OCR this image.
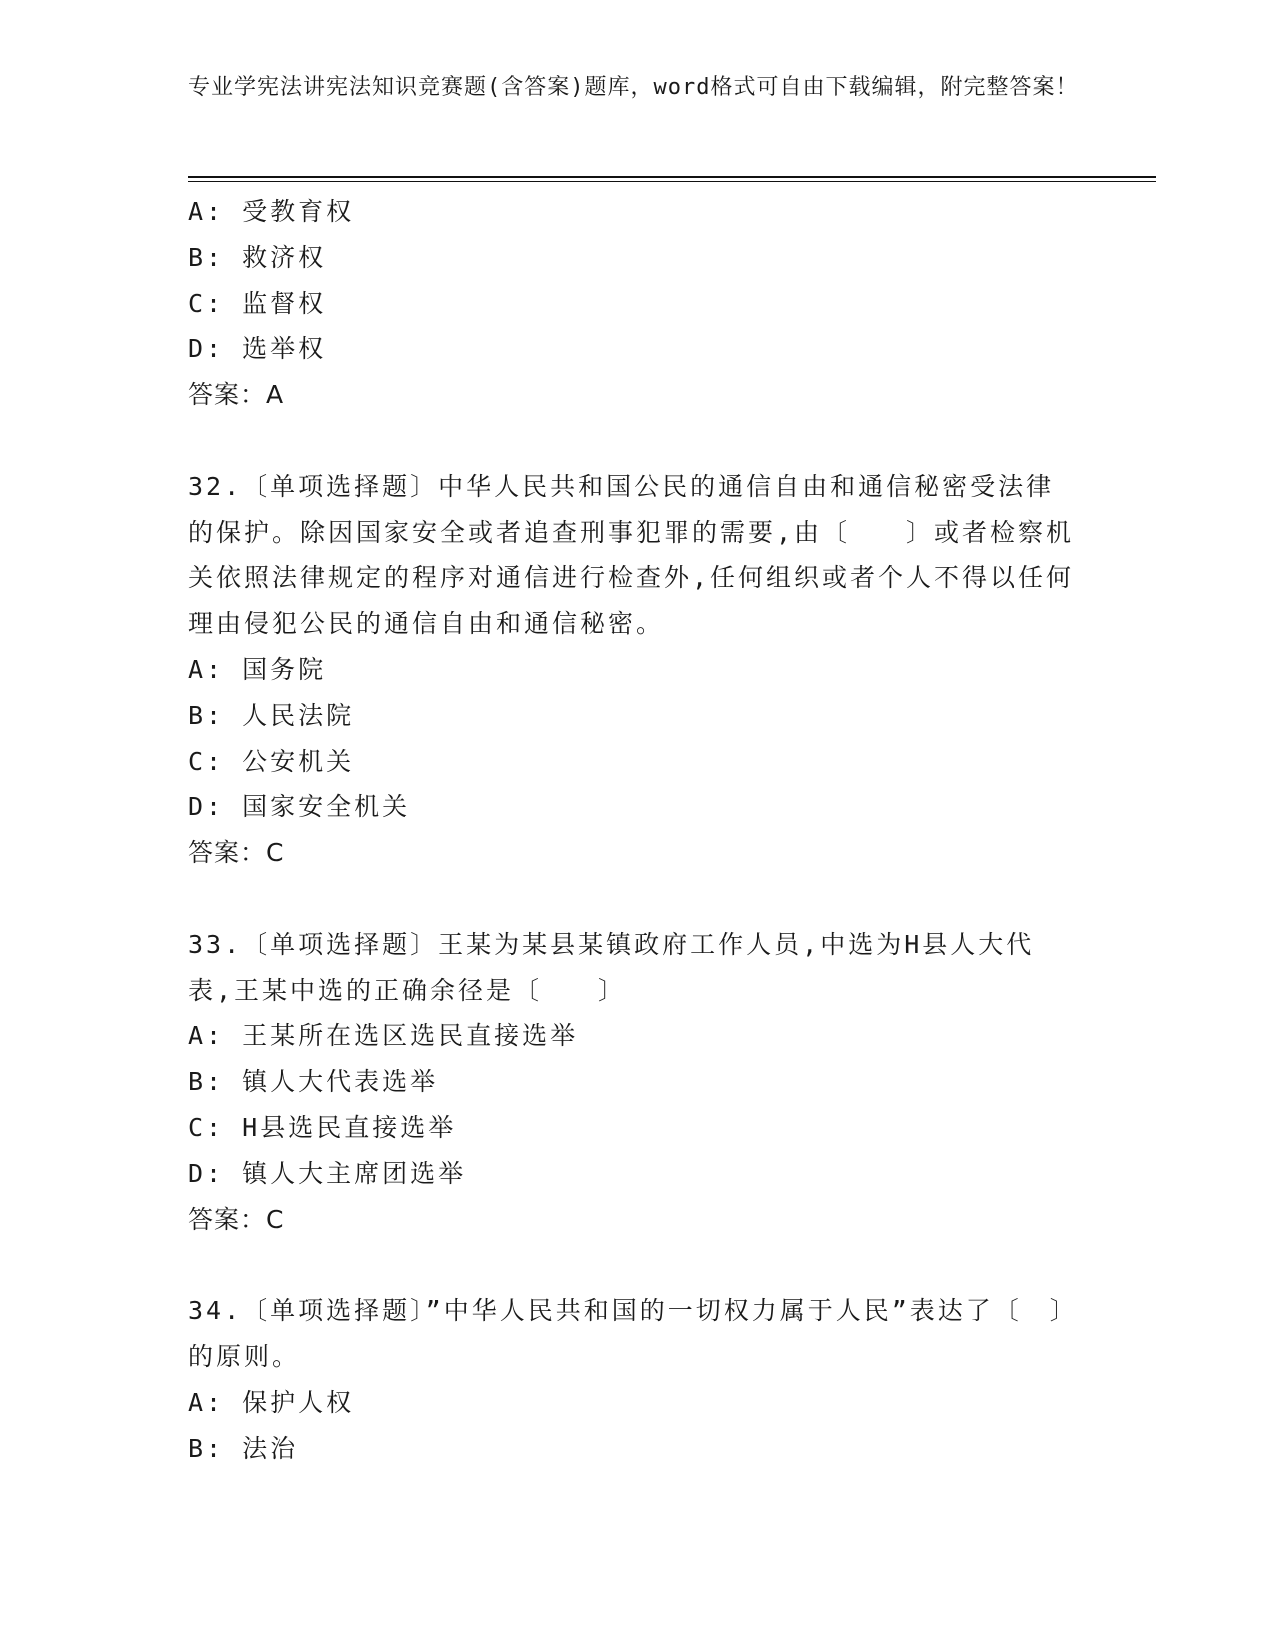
专业学宪法讲宪法知识竞赛题(含答案)题库，word格式可自由下载编辑，附完整答案！
A: 受教育权
B: 救济权
C: 监督权
D: 选举权
答案：A
32.〔单项选择题〕中华人民共和国公民的通信自由和通信秘密受法律的保护。除因国家安全或者追查刑事犯罪的需要,由〔　　〕或者检察机关依照法律规定的程序对通信进行检查外,任何组织或者个人不得以任何理由侵犯公民的通信自由和通信秘密。
A: 国务院
B: 人民法院
C: 公安机关
D: 国家安全机关
答案：C
33.〔单项选择题〕王某为某县某镇政府工作人员,中选为H县人大代表,王某中选的正确余径是〔　　〕
A: 王某所在选区选民直接选举
B: 镇人大代表选举
C: H县选民直接选举
D: 镇人大主席团选举
答案：C
34.〔单项选择题〕”中华人民共和国的一切权力属于人民”表达了〔　〕的原则。
A: 保护人权
B: 法治
